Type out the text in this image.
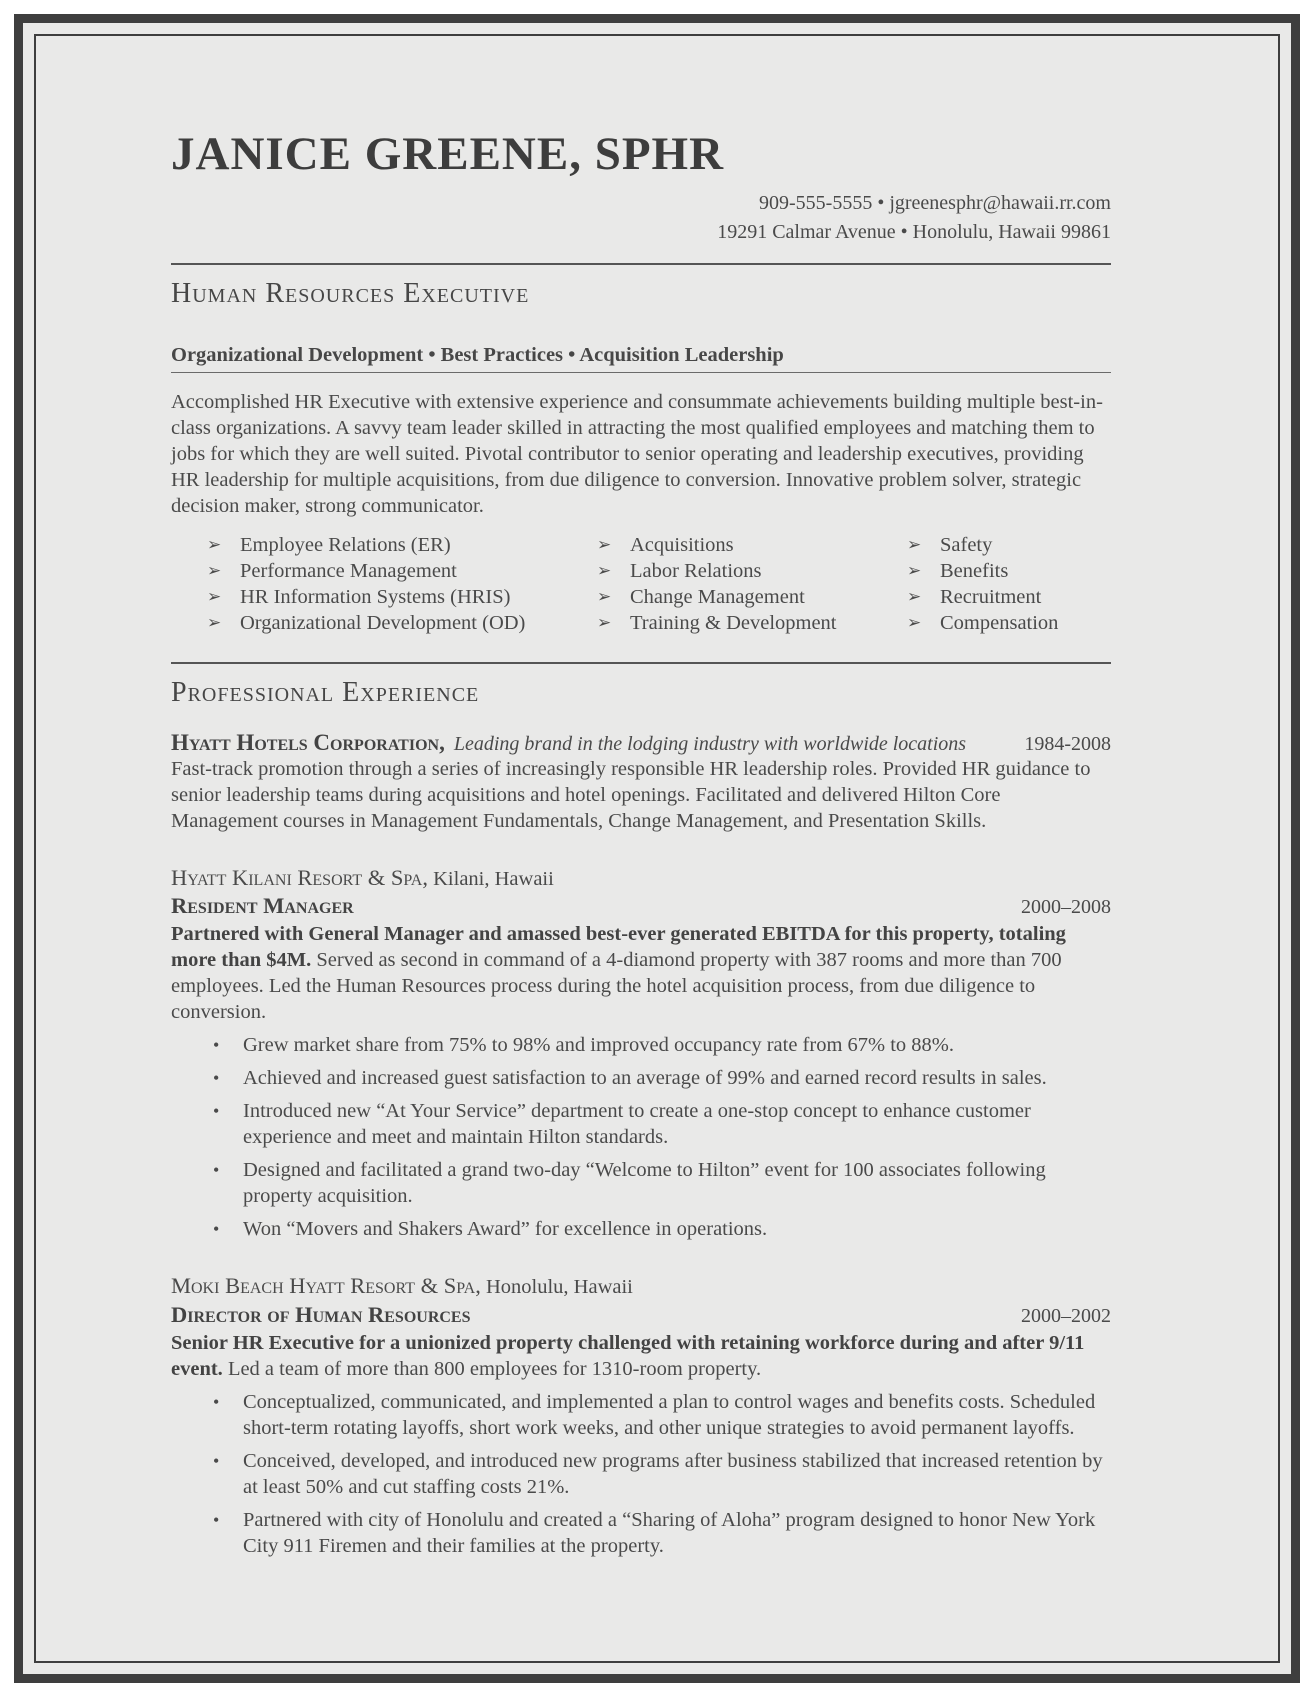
JANICE GREENE, SPHR
909-555-5555 • jgreenesphr@hawaii.rr.com
19291 Calmar Avenue • Honolulu, Hawaii 99861
Human Resources Executive
Organizational Development • Best Practices • Acquisition Leadership
Accomplished HR Executive with extensive experience and consummate achievements building multiple best-in-class organizations. A savvy team leader skilled in attracting the most qualified employees and matching them to jobs for which they are well suited. Pivotal contributor to senior operating and leadership executives, providing HR leadership for multiple acquisitions, from due diligence to conversion. Innovative problem solver, strategic decision maker, strong communicator.
➢ Employee Relations (ER)
➢ Performance Management
➢ HR Information Systems (HRIS)
➢ Organizational Development (OD)
➢ Acquisitions
➢ Labor Relations
➢ Change Management
➢ Training & Development
➢ Safety
➢ Benefits
➢ Recruitment
➢ Compensation
Professional Experience
Hyatt Hotels Corporation, Leading brand in the lodging industry with worldwide locations	1984-2008
Fast-track promotion through a series of increasingly responsible HR leadership roles. Provided HR guidance to senior leadership teams during acquisitions and hotel openings. Facilitated and delivered Hilton Core Management courses in Management Fundamentals, Change Management, and Presentation Skills.
Hyatt Kilani Resort & Spa, Kilani, Hawaii
Resident Manager	2000–2008
Partnered with General Manager and amassed best-ever generated EBITDA for this property, totaling more than $4M. Served as second in command of a 4-diamond property with 387 rooms and more than 700 employees. Led the Human Resources process during the hotel acquisition process, from due diligence to conversion.
•	Grew market share from 75% to 98% and improved occupancy rate from 67% to 88%.
•	Achieved and increased guest satisfaction to an average of 99% and earned record results in sales.
•	Introduced new “At Your Service” department to create a one-stop concept to enhance customer experience and meet and maintain Hilton standards.
•	Designed and facilitated a grand two-day “Welcome to Hilton” event for 100 associates following property acquisition.
•	Won “Movers and Shakers Award” for excellence in operations.
Moki Beach Hyatt Resort & Spa, Honolulu, Hawaii
Director of Human Resources	2000–2002
Senior HR Executive for a unionized property challenged with retaining workforce during and after 9/11 event. Led a team of more than 800 employees for 1310-room property.
•	Conceptualized, communicated, and implemented a plan to control wages and benefits costs. Scheduled short-term rotating layoffs, short work weeks, and other unique strategies to avoid permanent layoffs.
•	Conceived, developed, and introduced new programs after business stabilized that increased retention by at least 50% and cut staffing costs 21%.
•	Partnered with city of Honolulu and created a “Sharing of Aloha” program designed to honor New York City 911 Firemen and their families at the property.
